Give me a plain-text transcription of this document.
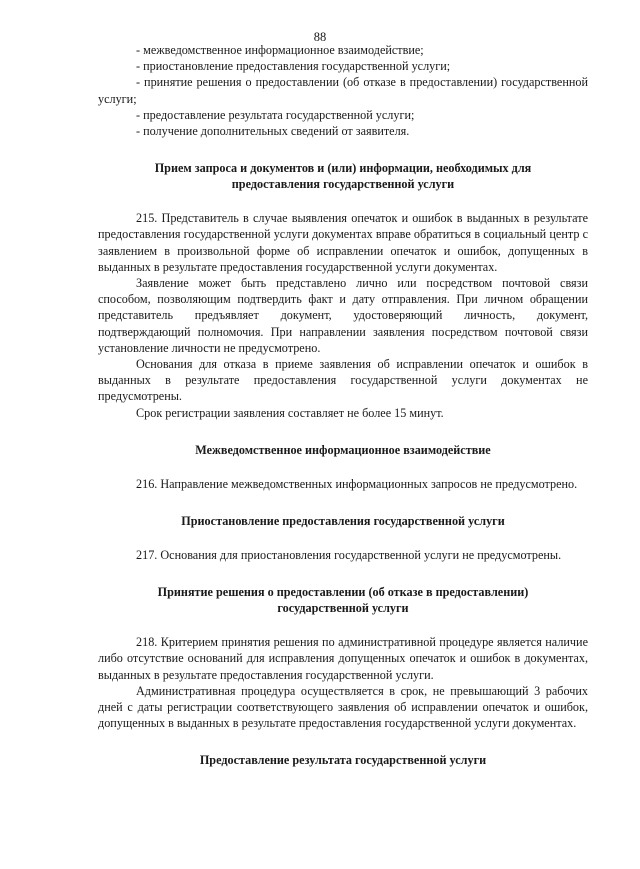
88

- межведомственное информационное взаимодействие;

- приостановление предоставления государственной услуги;

- принятие решения о предоставлении (об отказе в предоставлении) государственной услуги;

- предоставление результата государственной услуги;

- получение дополнительных сведений от заявителя.

Прием запроса и документов и (или) информации, необходимых для предоставления государственной услуги

215. Представитель в случае выявления опечаток и ошибок в выданных в результате предоставления государственной услуги документах вправе обратиться в социальный центр с заявлением в произвольной форме об исправлении опечаток и ошибок, допущенных в выданных в результате предоставления государственной услуги документах.

Заявление может быть представлено лично или посредством почтовой связи способом, позволяющим подтвердить факт и дату отправления. При личном обращении представитель предъявляет документ, удостоверяющий личность, документ, подтверждающий полномочия. При направлении заявления посредством почтовой связи установление личности не предусмотрено.

Основания для отказа в приеме заявления об исправлении опечаток и ошибок в выданных в результате предоставления государственной услуги документах не предусмотрены.

Срок регистрации заявления составляет не более 15 минут.

Межведомственное информационное взаимодействие

216. Направление межведомственных информационных запросов не предусмотрено.

Приостановление предоставления государственной услуги

217. Основания для приостановления государственной услуги не предусмотрены.

Принятие решения о предоставлении (об отказе в предоставлении) государственной услуги

218. Критерием принятия решения по административной процедуре является наличие либо отсутствие оснований для исправления допущенных опечаток и ошибок в документах, выданных в результате предоставления государственной услуги.

Административная процедура осуществляется в срок, не превышающий 3 рабочих дней с даты регистрации соответствующего заявления об исправлении опечаток и ошибок, допущенных в выданных в результате предоставления государственной услуги документах.

Предоставление результата государственной услуги
